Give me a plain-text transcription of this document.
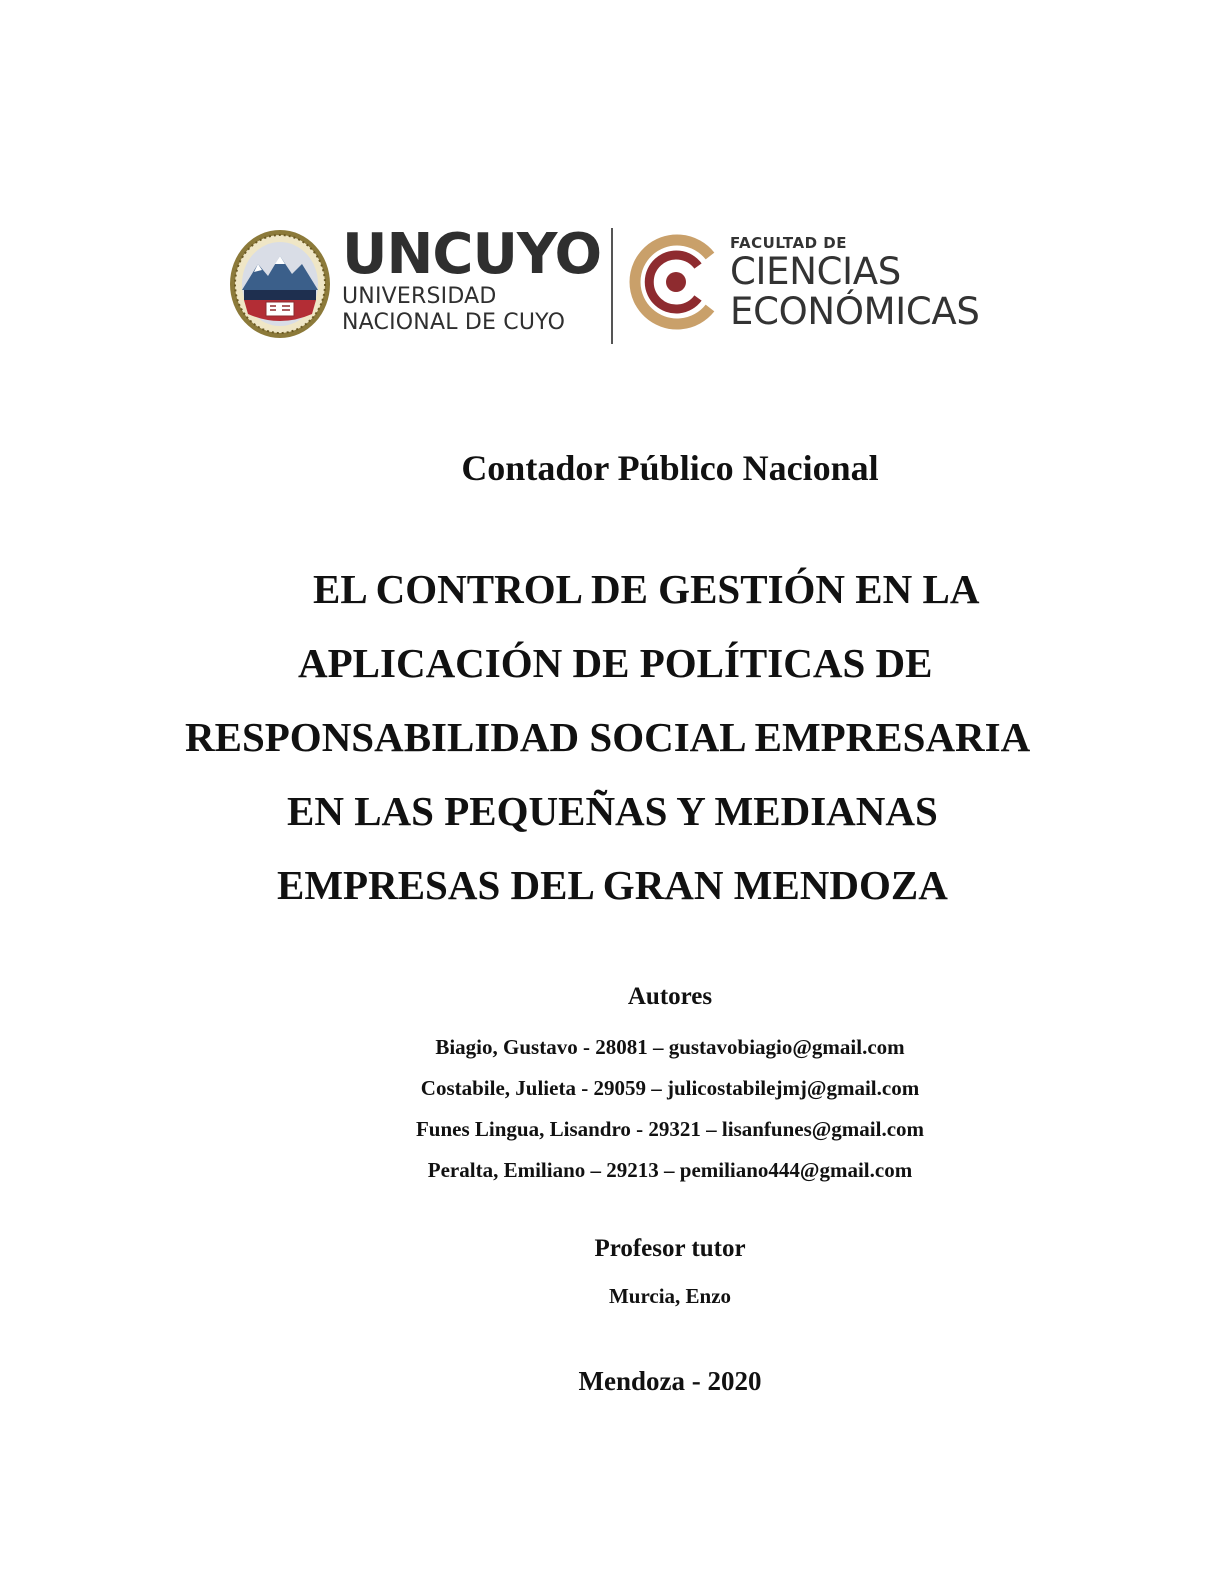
UNCUYO
UNIVERSIDAD
NACIONAL DE CUYO
FACULTAD DE
CIENCIAS
ECONÓMICAS
Contador Público Nacional
EL CONTROL DE GESTIÓN EN LA
APLICACIÓN DE POLÍTICAS DE
RESPONSABILIDAD SOCIAL EMPRESARIA
EN LAS PEQUEÑAS Y MEDIANAS
EMPRESAS DEL GRAN MENDOZA
Autores
Biagio, Gustavo - 28081 – gustavobiagio@gmail.com
Costabile, Julieta - 29059 – julicostabilejmj@gmail.com
Funes Lingua, Lisandro - 29321 – lisanfunes@gmail.com
Peralta, Emiliano – 29213 – pemiliano444@gmail.com
Profesor tutor
Murcia, Enzo
Mendoza - 2020
